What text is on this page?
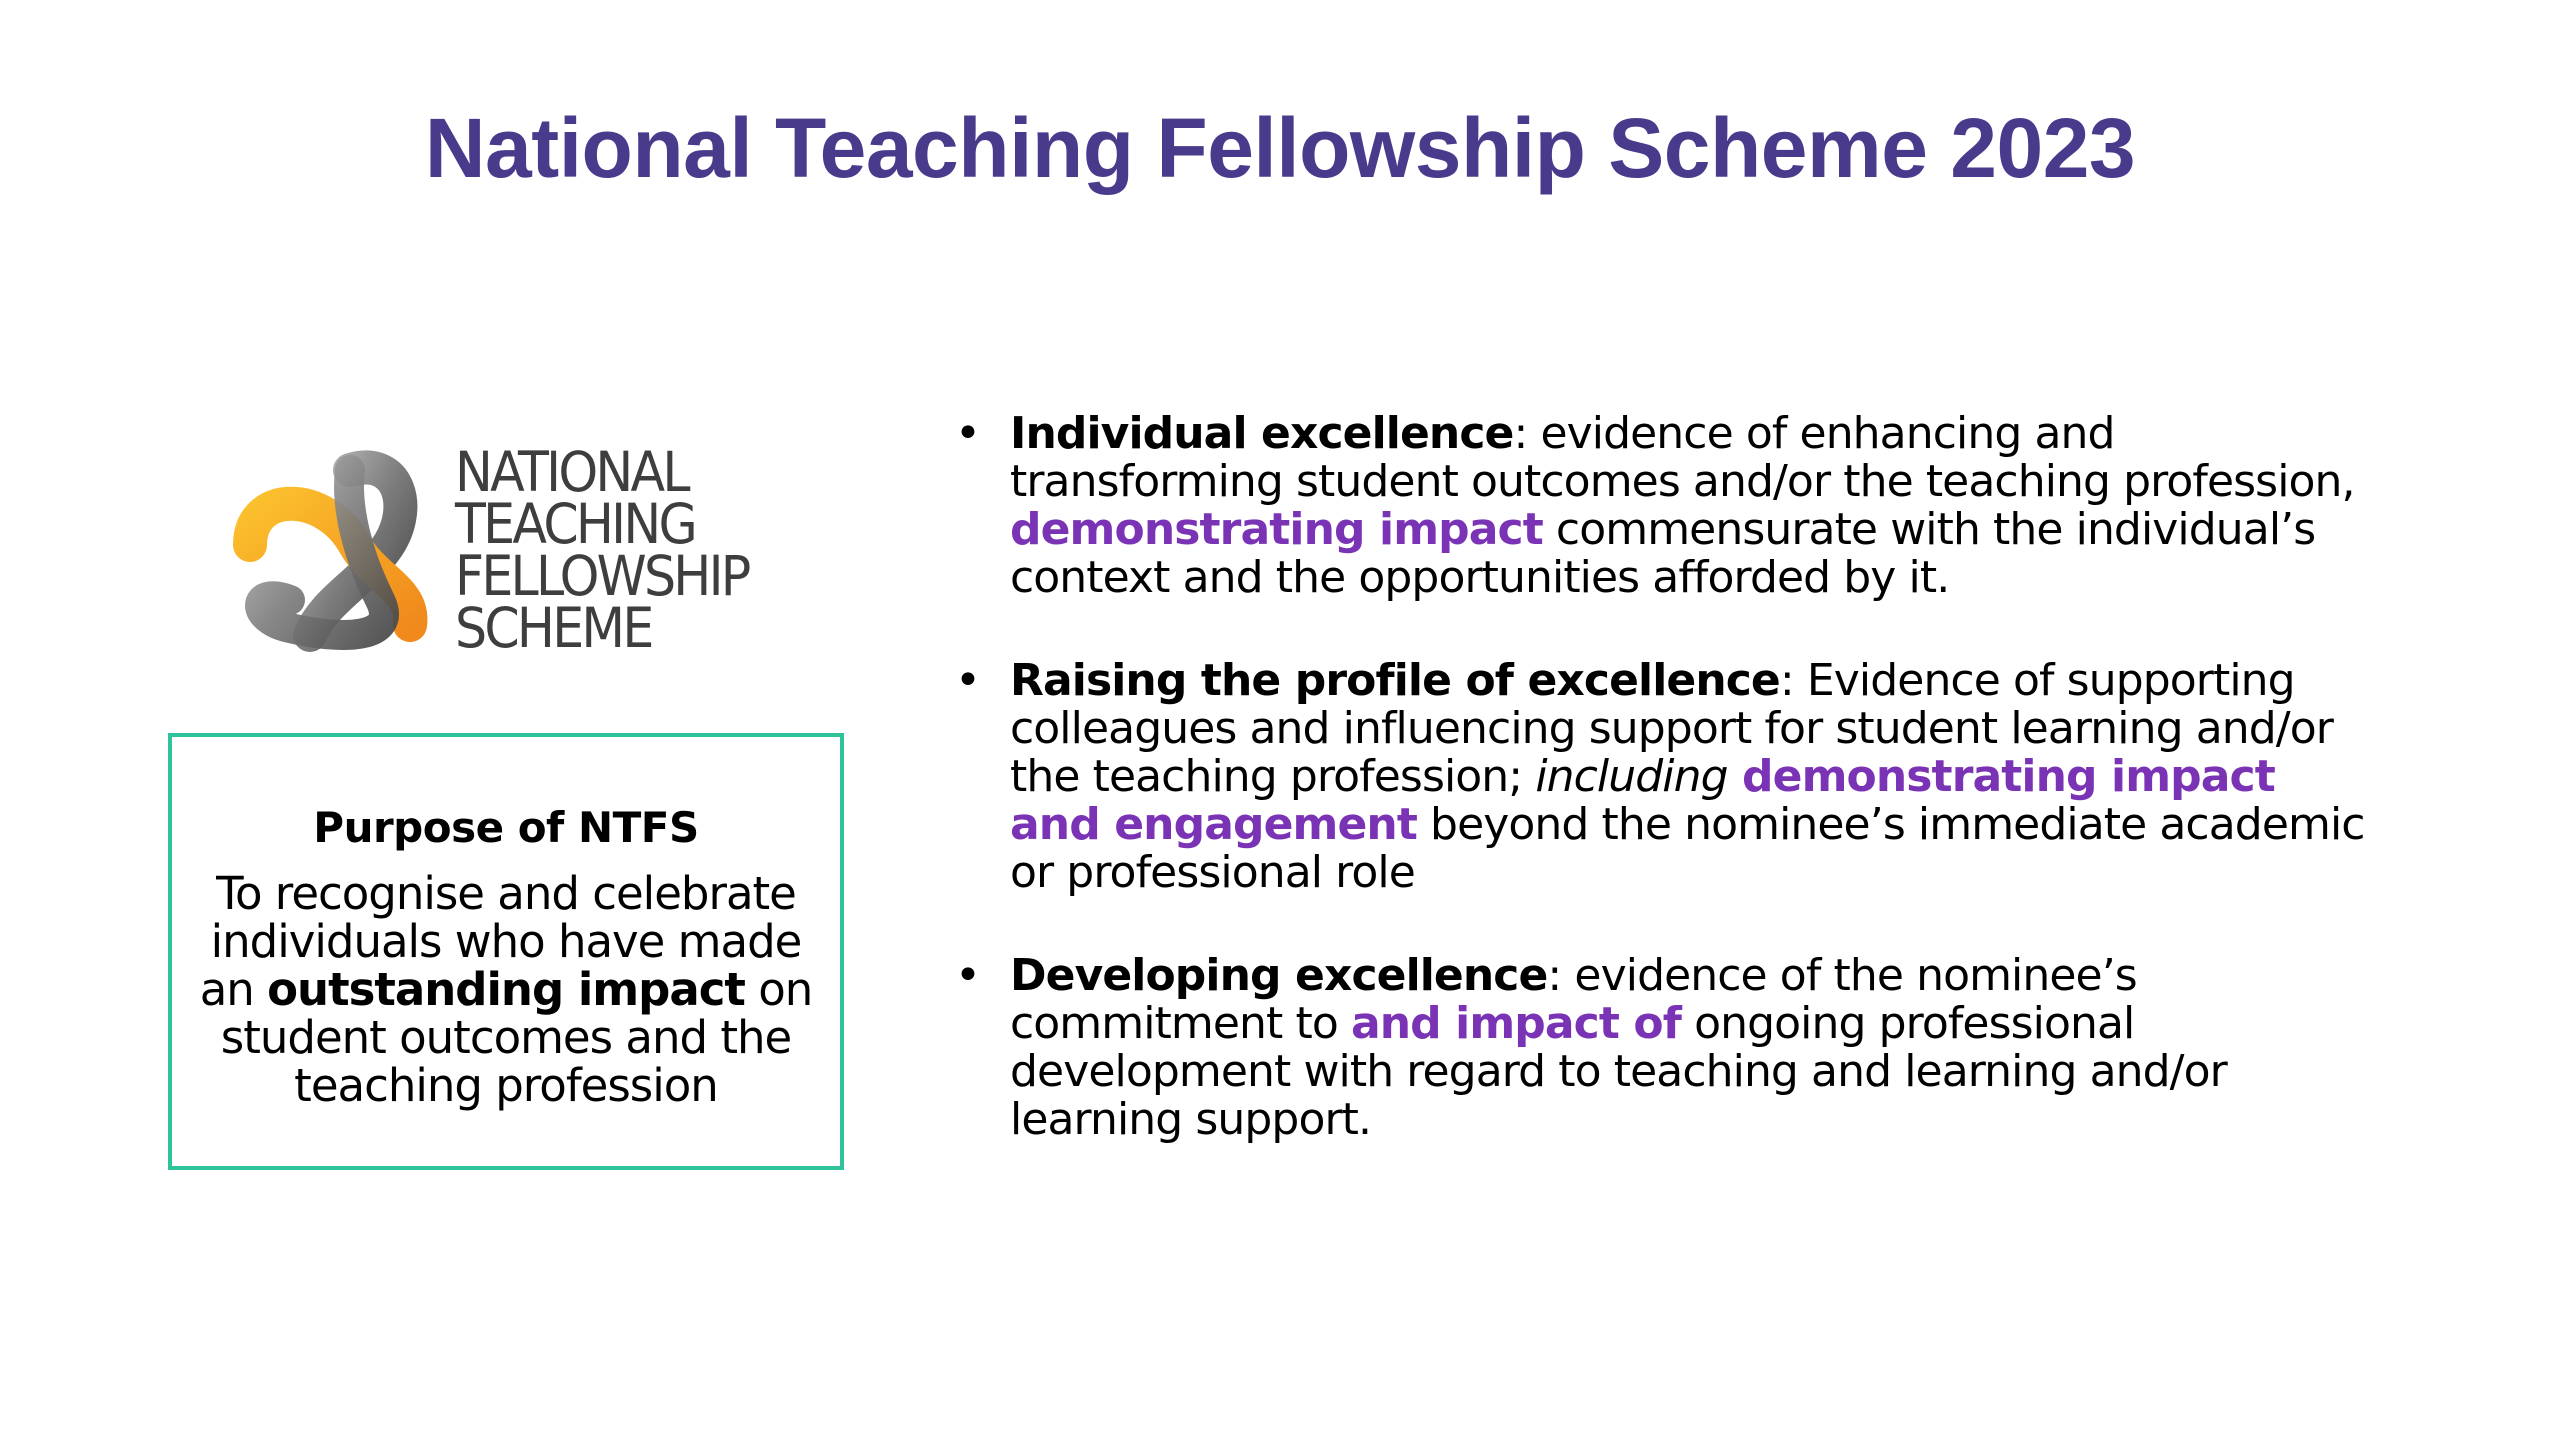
National Teaching Fellowship Scheme 2023
NATIONAL
TEACHING
FELLOWSHIP
SCHEME
Purpose of NTFS
To recognise and celebrate individuals who have made an outstanding impact on student outcomes and the teaching profession
• Individual excellence: evidence of enhancing and transforming student outcomes and/or the teaching profession, demonstrating impact commensurate with the individual’s context and the opportunities afforded by it.
• Raising the profile of excellence: Evidence of supporting colleagues and influencing support for student learning and/or the teaching profession; including demonstrating impact and engagement beyond the nominee’s immediate academic or professional role
• Developing excellence: evidence of the nominee’s commitment to and impact of ongoing professional development with regard to teaching and learning and/or learning support.
